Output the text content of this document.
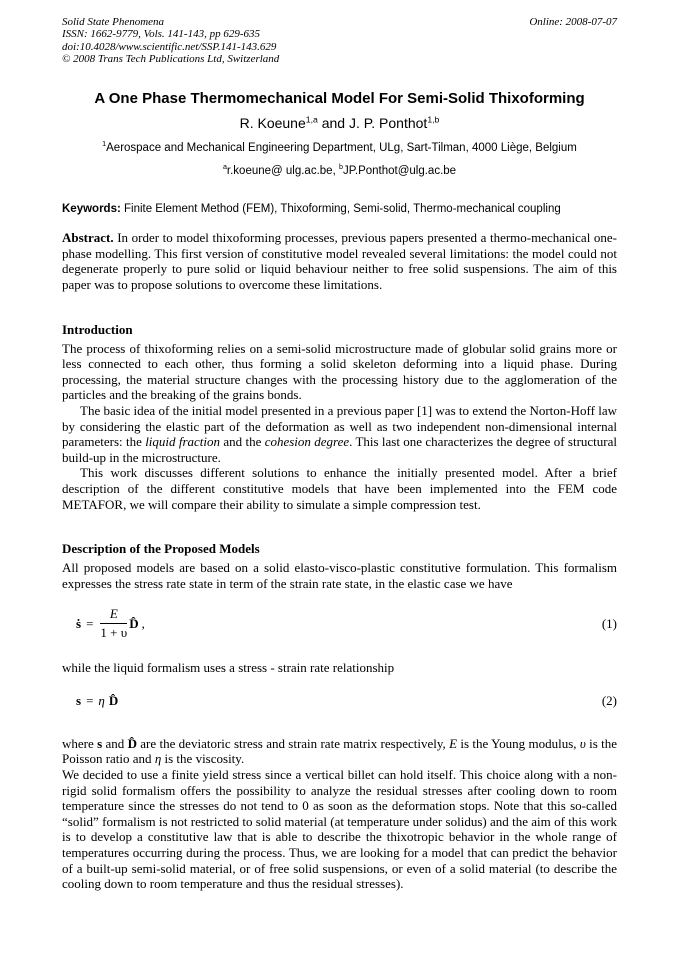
Solid State Phenomena
ISSN: 1662-9779, Vols. 141-143, pp 629-635
doi:10.4028/www.scientific.net/SSP.141-143.629
© 2008 Trans Tech Publications Ltd, Switzerland
Online: 2008-07-07
A One Phase Thermomechanical Model For Semi-Solid Thixoforming
R. Koeune$^{1,a}$ and J. P. Ponthot$^{1,b}$
$^1$Aerospace and Mechanical Engineering Department, ULg, Sart-Tilman, 4000 Liège, Belgium
$^a$r.koeune@ ulg.ac.be, $^b$JP.Ponthot@ulg.ac.be
Keywords: Finite Element Method (FEM), Thixoforming, Semi-solid, Thermo-mechanical coupling

Abstract. In order to model thixoforming processes, previous papers presented a thermo-mechanical one-phase modelling. This first version of constitutive model revealed several limitations: the model could not degenerate properly to pure solid or liquid behaviour neither to free solid suspensions. The aim of this paper was to propose solutions to overcome these limitations.

Introduction

The process of thixoforming relies on a semi-solid microstructure made of globular solid grains more or less connected to each other, thus forming a solid skeleton deforming into a liquid phase. During processing, the material structure changes with the processing history due to the agglomeration of the particles and the breaking of the grains bonds.

The basic idea of the initial model presented in a previous paper [1] was to extend the Norton-Hoff law by considering the elastic part of the deformation as well as two independent non-dimensional internal parameters: the liquid fraction and the cohesion degree. This last one characterizes the degree of structural build-up in the microstructure.

This work discusses different solutions to enhance the initially presented model. After a brief description of the different constitutive models that have been implemented into the FEM code METAFOR, we will compare their ability to simulate a simple compression test.

Description of the Proposed Models

All proposed models are based on a solid elasto-visco-plastic constitutive formulation. This formalism expresses the stress rate state in term of the strain rate state, in the elastic case we have

ṡ = $\frac{E}{1 + \upsilon}$ D̂ ,	(1)

while the liquid formalism uses a stress - strain rate relationship

s = η D̂	(2)

where s and D̂ are the deviatoric stress and strain rate matrix respectively, E is the Young modulus, υ is the Poisson ratio and η is the viscosity.

We decided to use a finite yield stress since a vertical billet can hold itself. This choice along with a non-rigid solid formalism offers the possibility to analyze the residual stresses after cooling down to room temperature since the stresses do not tend to 0 as soon as the deformation stops. Note that this so-called “solid” formalism is not restricted to solid material (at temperature under solidus) and the aim of this work is to develop a constitutive law that is able to describe the thixotropic behavior in the whole range of temperatures occurring during the process. Thus, we are looking for a model that can predict the behavior of a built-up semi-solid material, or of free solid suspensions, or even of a solid material (to describe the cooling down to room temperature and thus the residual stresses).
